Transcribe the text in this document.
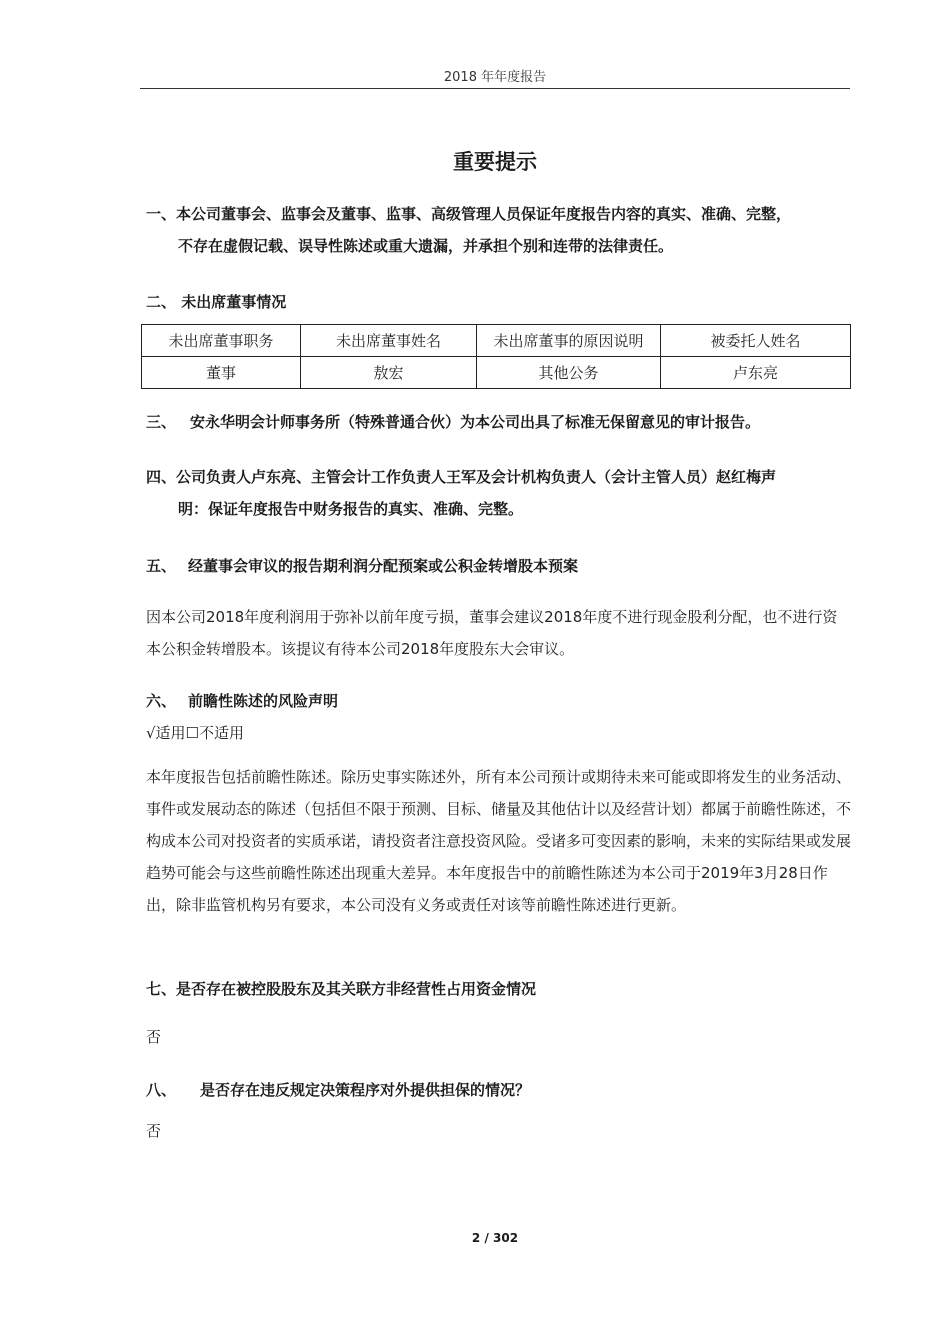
2018 年年度报告
重要提示
一、本公司董事会、监事会及董事、监事、高级管理人员保证年度报告内容的真实、准确、完整，
不存在虚假记载、误导性陈述或重大遗漏，并承担个别和连带的法律责任。
二、 未出席董事情况
未出席董事职务	未出席董事姓名	未出席董事的原因说明	被委托人姓名
董事	敖宏	其他公务	卢东亮
三、 安永华明会计师事务所（特殊普通合伙）为本公司出具了标准无保留意见的审计报告。
四、公司负责人卢东亮、主管会计工作负责人王军及会计机构负责人（会计主管人员）赵红梅声
明：保证年度报告中财务报告的真实、准确、完整。
五、 经董事会审议的报告期利润分配预案或公积金转增股本预案
因本公司2018年度利润用于弥补以前年度亏损，董事会建议2018年度不进行现金股利分配，也不进行资本公积金转增股本。该提议有待本公司2018年度股东大会审议。
六、 前瞻性陈述的风险声明
√适用☐不适用
本年度报告包括前瞻性陈述。除历史事实陈述外，所有本公司预计或期待未来可能或即将发生的业务活动、事件或发展动态的陈述（包括但不限于预测、目标、储量及其他估计以及经营计划）都属于前瞻性陈述，不构成本公司对投资者的实质承诺，请投资者注意投资风险。受诸多可变因素的影响，未来的实际结果或发展趋势可能会与这些前瞻性陈述出现重大差异。本年度报告中的前瞻性陈述为本公司于2019年3月28日作出，除非监管机构另有要求，本公司没有义务或责任对该等前瞻性陈述进行更新。
七、是否存在被控股股东及其关联方非经营性占用资金情况
否
八、 是否存在违反规定决策程序对外提供担保的情况？
否
2 / 302
